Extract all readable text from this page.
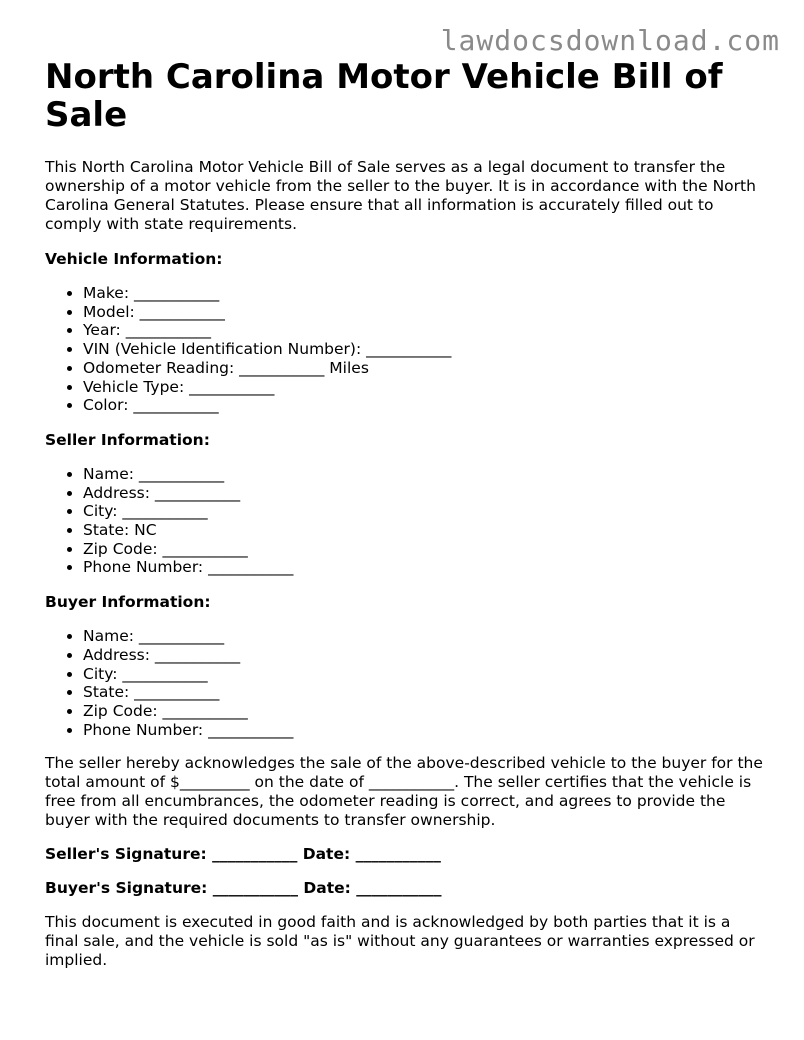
lawdocsdownload.com
North Carolina Motor Vehicle Bill of Sale

This North Carolina Motor Vehicle Bill of Sale serves as a legal document to transfer the ownership of a motor vehicle from the seller to the buyer. It is in accordance with the North Carolina General Statutes. Please ensure that all information is accurately filled out to comply with state requirements.

Vehicle Information:
• Make: ___________
• Model: ___________
• Year: ___________
• VIN (Vehicle Identification Number): ___________
• Odometer Reading: ___________ Miles
• Vehicle Type: ___________
• Color: ___________
Seller Information:
• Name: ___________
• Address: ___________
• City: ___________
• State: NC
• Zip Code: ___________
• Phone Number: ___________
Buyer Information:
• Name: ___________
• Address: ___________
• City: ___________
• State: ___________
• Zip Code: ___________
• Phone Number: ___________

The seller hereby acknowledges the sale of the above-described vehicle to the buyer for the total amount of $_________ on the date of ___________. The seller certifies that the vehicle is free from all encumbrances, the odometer reading is correct, and agrees to provide the buyer with the required documents to transfer ownership.

Seller's Signature: ___________ Date: ___________
Buyer's Signature: ___________ Date: ___________

This document is executed in good faith and is acknowledged by both parties that it is a final sale, and the vehicle is sold "as is" without any guarantees or warranties expressed or implied.
